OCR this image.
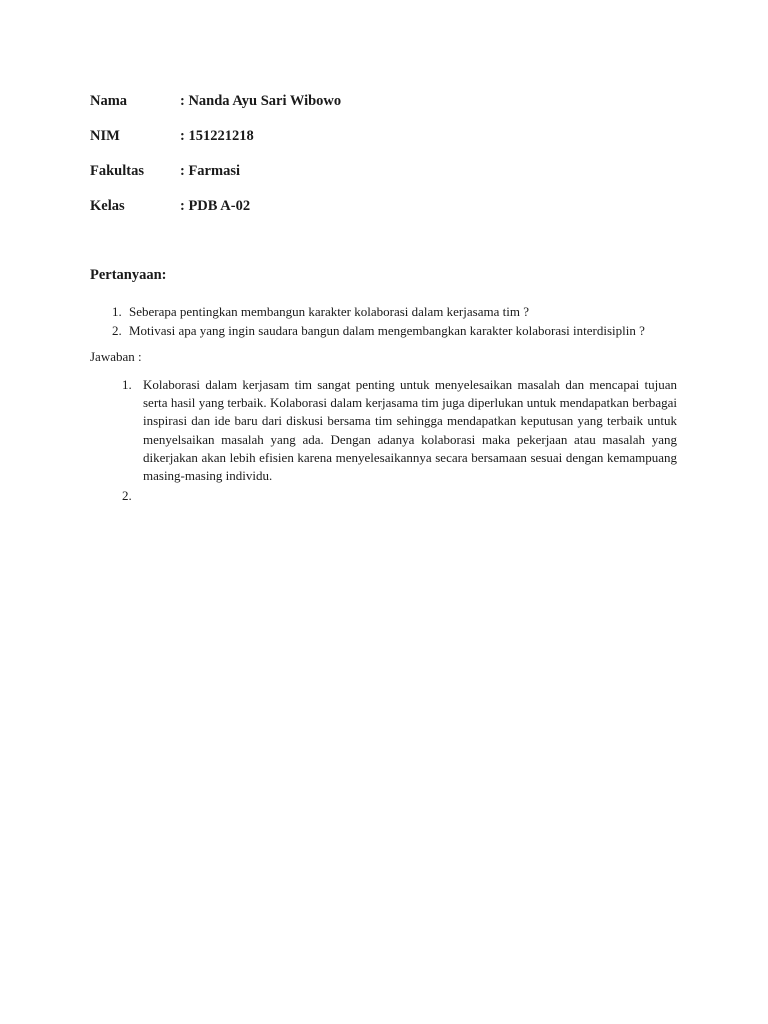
Nama	: Nanda Ayu Sari Wibowo
NIM	: 151221218
Fakultas : Farmasi
Kelas	: PDB A-02
Pertanyaan:
1. Seberapa pentingkan membangun karakter kolaborasi dalam kerjasama tim ?
2. Motivasi apa yang ingin saudara bangun dalam mengembangkan karakter kolaborasi interdisiplin ?
Jawaban :
1. Kolaborasi dalam kerjasam tim sangat penting untuk menyelesaikan masalah dan mencapai tujuan serta hasil yang terbaik. Kolaborasi dalam kerjasama tim juga diperlukan untuk mendapatkan berbagai inspirasi dan ide baru dari diskusi bersama tim sehingga mendapatkan keputusan yang terbaik untuk menyelsaikan masalah yang ada. Dengan adanya kolaborasi maka pekerjaan atau masalah yang dikerjakan akan lebih efisien karena menyelesaikannya secara bersamaan sesuai dengan kemampuang masing-masing individu.
2.
